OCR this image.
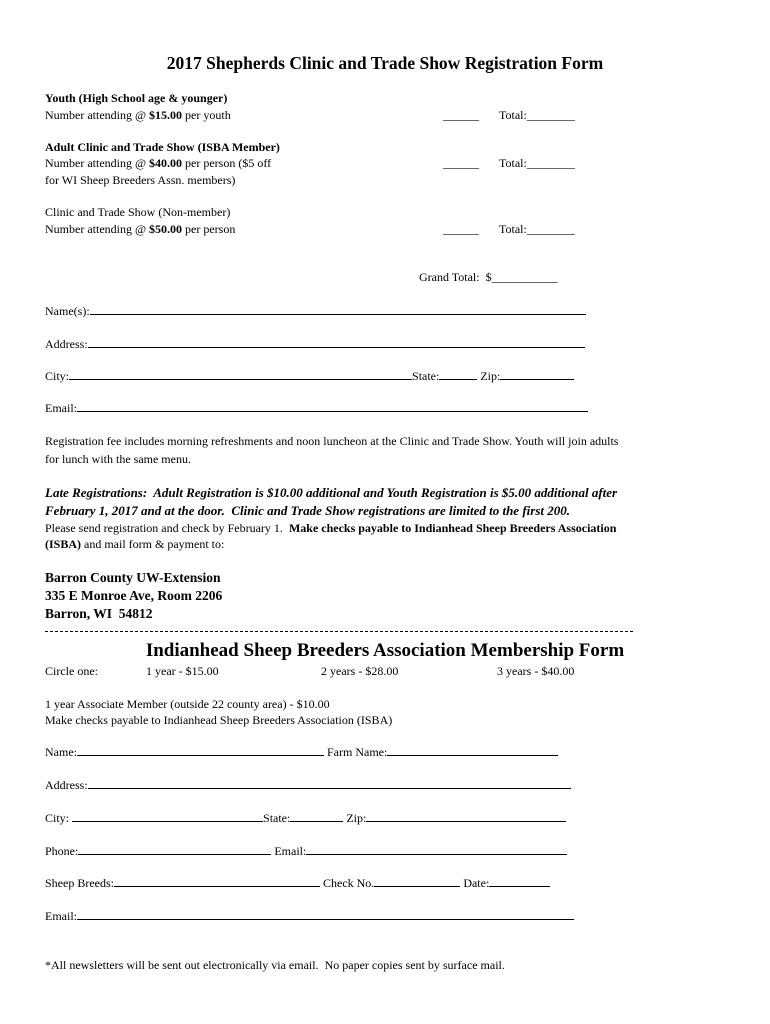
2017 Shepherds Clinic and Trade Show Registration Form
Youth (High School age & younger)
Number attending @ $15.00 per youth	______ Total:________
Adult Clinic and Trade Show (ISBA Member)
Number attending @ $40.00 per person ($5 off
for WI Sheep Breeders Assn. members)
______ Total:________
Clinic and Trade Show (Non-member)
Number attending @ $50.00 per person	______ Total:________
Grand Total:  $___________
Name(s):
Address:
City:	State:	Zip:
Email:
Registration fee includes morning refreshments and noon luncheon at the Clinic and Trade Show. Youth will join adults
for lunch with the same menu.
Late Registrations:  Adult Registration is $10.00 additional and Youth Registration is $5.00 additional after
February 1, 2017 and at the door.  Clinic and Trade Show registrations are limited to the first 200.
Please send registration and check by February 1.  Make checks payable to Indianhead Sheep Breeders Association
(ISBA) and mail form & payment to:
Barron County UW-Extension
335 E Monroe Ave, Room 2206
Barron, WI  54812
Indianhead Sheep Breeders Association Membership Form
Circle one:	1 year - $15.00	2 years - $28.00	3 years - $40.00
1 year Associate Member (outside 22 county area) - $10.00
Make checks payable to Indianhead Sheep Breeders Association (ISBA)
Name:	Farm Name:
Address:
City:	State:	Zip:
Phone:	Email:
Sheep Breeds:	Check No.	Date:
Email:
*All newsletters will be sent out electronically via email.  No paper copies sent by surface mail.
